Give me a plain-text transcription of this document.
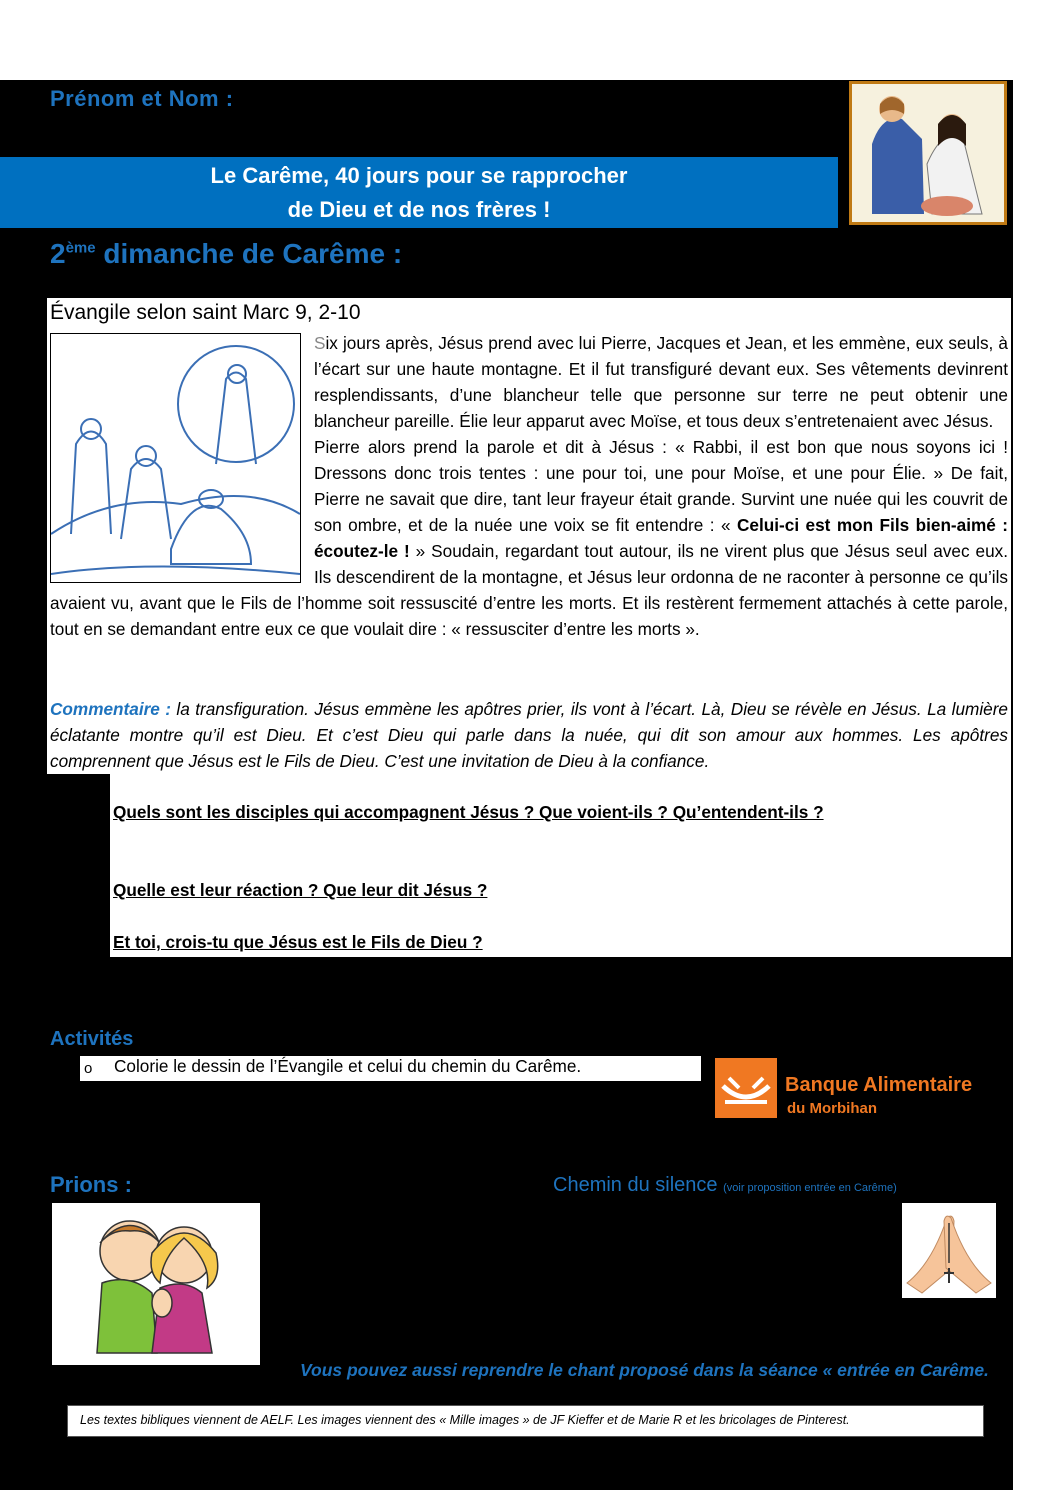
Prénom et Nom :
Le Carême, 40 jours pour se rapprocher
de Dieu et de nos frères !
2ème dimanche de Carême :
Évangile selon saint Marc 9, 2-10

Six jours après, Jésus prend avec lui Pierre, Jacques et Jean, et les emmène, eux seuls, à l’écart sur une haute montagne. Et il fut transfiguré devant eux. Ses vêtements devinrent resplendissants, d’une blancheur telle que personne sur terre ne peut obtenir une blancheur pareille. Élie leur apparut avec Moïse, et tous deux s’entretenaient avec Jésus.

Pierre alors prend la parole et dit à Jésus : « Rabbi, il est bon que nous soyons ici ! Dressons donc trois tentes : une pour toi, une pour Moïse, et une pour Élie. » De fait, Pierre ne savait que dire, tant leur frayeur était grande. Survint une nuée qui les couvrit de son ombre, et de la nuée une voix se fit entendre : « Celui-ci est mon Fils bien-aimé : écoutez-le ! » Soudain, regardant tout autour, ils ne virent plus que Jésus seul avec eux. Ils descendirent de la montagne, et Jésus leur ordonna de ne raconter à personne ce qu’ils avaient vu, avant que le Fils de l’homme soit ressuscité d’entre les morts. Et ils restèrent fermement attachés à cette parole, tout en se demandant entre eux ce que voulait dire : « ressusciter d’entre les morts ».

Commentaire : la transfiguration. Jésus emmène les apôtres prier, ils vont à l’écart. Là, Dieu se révèle en Jésus. La lumière éclatante montre qu’il est Dieu. Et c’est Dieu qui parle dans la nuée, qui dit son amour aux hommes. Les apôtres comprennent que Jésus est le Fils de Dieu. C’est une invitation de Dieu à la confiance.
Quels sont les disciples qui accompagnent Jésus ? Que voient-ils ? Qu’entendent-ils ?
Quelle est leur réaction ? Que leur dit Jésus ?
Et toi, crois-tu que Jésus est le Fils de Dieu ?
Activités
o Colorie le dessin de l’Évangile et celui du chemin du Carême.
Banque Alimentaire
du Morbihan
Prions :	Chemin du silence (voir proposition entrée en Carême)
Vous pouvez aussi reprendre le chant proposé dans la séance « entrée en Carême.
Les textes bibliques viennent de AELF. Les images viennent des « Mille images » de JF Kieffer et de Marie R et les bricolages de Pinterest.
